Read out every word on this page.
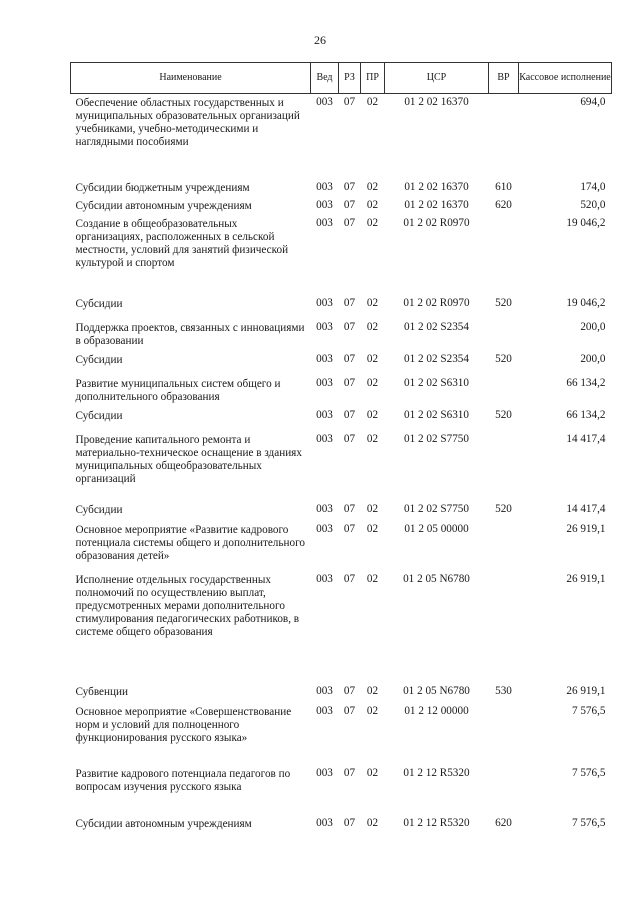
26
Наименование	Вед	РЗ	ПР	ЦСР	ВР	Кассовое исполнение
Обеспечение областных государственных и муниципальных образовательных организаций учебниками, учебно-методическими и наглядными пособиями	003	07	02	01 2 02 16370		694,0
Субсидии бюджетным учреждениям	003	07	02	01 2 02 16370	610	174,0
Субсидии автономным учреждениям	003	07	02	01 2 02 16370	620	520,0
Создание в общеобразовательных организациях, расположенных в сельской местности, условий для занятий физической культурой и спортом	003	07	02	01 2 02 R0970		19 046,2
Субсидии	003	07	02	01 2 02 R0970	520	19 046,2
Поддержка проектов, связанных с инновациями в образовании	003	07	02	01 2 02 S2354		200,0
Субсидии	003	07	02	01 2 02 S2354	520	200,0
Развитие муниципальных систем общего и дополнительного образования	003	07	02	01 2 02 S6310		66 134,2
Субсидии	003	07	02	01 2 02 S6310	520	66 134,2
Проведение капитального ремонта и материально-техническое оснащение в зданиях муниципальных общеобразовательных организаций	003	07	02	01 2 02 S7750		14 417,4
Субсидии	003	07	02	01 2 02 S7750	520	14 417,4
Основное мероприятие «Развитие кадрового потенциала системы общего и дополнительного образования детей»	003	07	02	01 2 05 00000		26 919,1
Исполнение отдельных государственных полномочий по осуществлению выплат, предусмотренных мерами дополнительного стимулирования педагогических работников, в системе общего образования	003	07	02	01 2 05 N6780		26 919,1
Субвенции	003	07	02	01 2 05 N6780	530	26 919,1
Основное мероприятие «Совершенствование норм и условий для полноценного функционирования русского языка»	003	07	02	01 2 12 00000		7 576,5
Развитие кадрового потенциала педагогов по вопросам изучения русского языка	003	07	02	01 2 12 R5320		7 576,5
Субсидии автономным учреждениям	003	07	02	01 2 12 R5320	620	7 576,5
